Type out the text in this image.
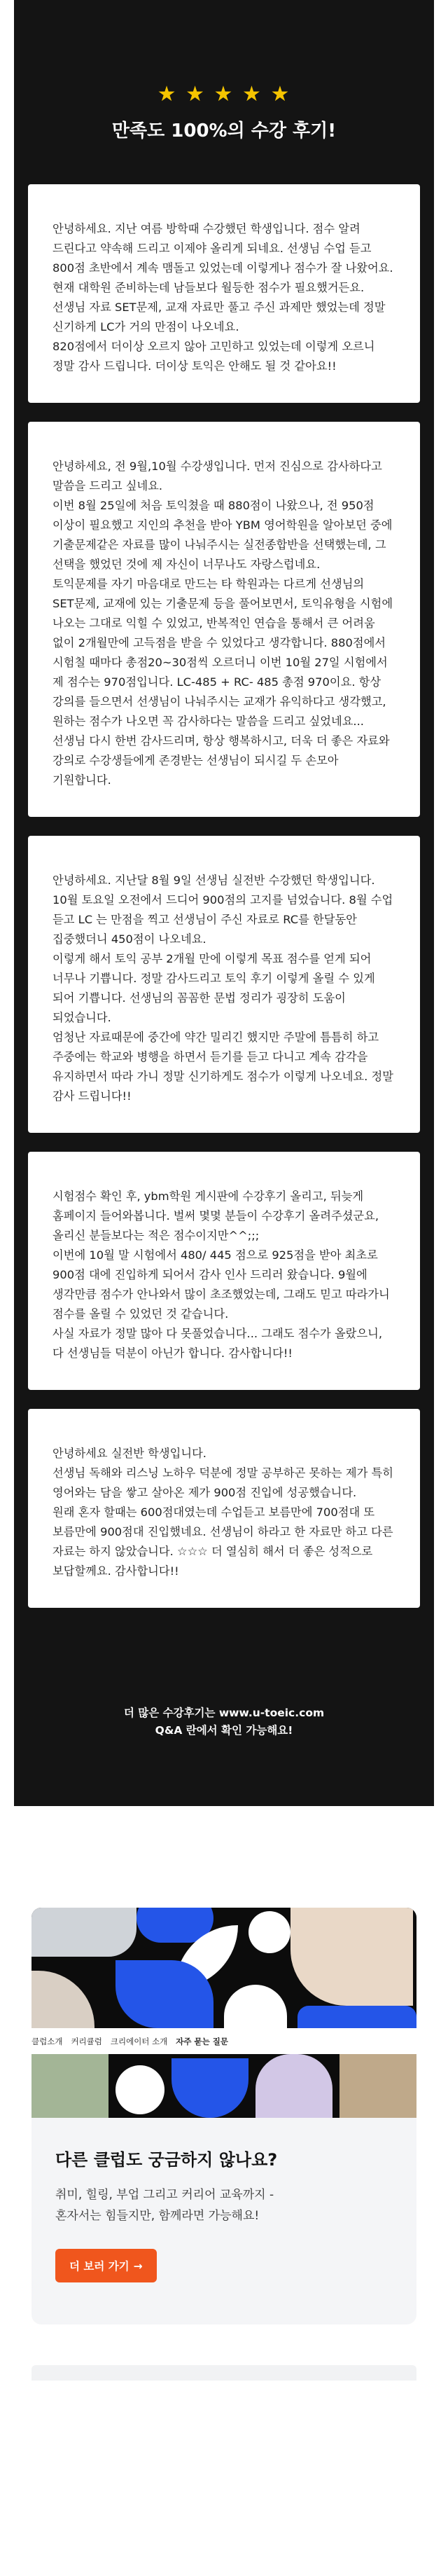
★ ★ ★ ★ ★
만족도 100%의 수강 후기!

안녕하세요. 지난 여름 방학때 수강했던 학생입니다. 점수 알려 드린다고 약속해 드리고 이제야 올리게 되네요. 선생님 수업 듣고 800점 초반에서 계속 맴돌고 있었는데 이렇게나 점수가 잘 나왔어요.

현재 대학원 준비하는데 남들보다 월등한 점수가 필요했거든요. 선생님 자료 SET문제, 교재 자료만 풀고 주신 과제만 했었는데 정말 신기하게 LC가 거의 만점이 나오네요.

820점에서 더이상 오르지 않아 고민하고 있었는데 이렇게 오르니 정말 감사 드립니다. 더이상 토익은 안해도 될 것 같아요!!

안녕하세요, 전 9월,10월 수강생입니다. 먼저 진심으로 감사하다고 말씀을 드리고 싶네요.

이번 8월 25일에 처음 토익쳤을 때 880점이 나왔으나, 전 950점 이상이 필요했고 지인의 추천을 받아 YBM 영어학원을 알아보던 중에 기출문제같은 자료를 많이 나눠주시는 실전종합반을 선택했는데, 그 선택을 했었던 것에 제 자신이 너무나도 자랑스럽네요.

토익문제를 자기 마음대로 만드는 타 학원과는 다르게 선생님의 SET문제, 교재에 있는 기출문제 등을 풀어보면서, 토익유형을 시험에 나오는 그대로 익힐 수 있었고, 반복적인 연습을 통해서 큰 어려움 없이 2개월만에 고득점을 받을 수 있었다고 생각합니다. 880점에서 시험칠 때마다 총점20~30점씩 오르더니 이번 10월 27일 시험에서 제 점수는 970점입니다. LC-485 + RC- 485 총점 970이요. 항상 강의를 들으면서 선생님이 나눠주시는 교재가 유익하다고 생각했고, 원하는 점수가 나오면 꼭 감사하다는 말씀을 드리고 싶었네요...

선생님 다시 한번 감사드리며, 항상 행복하시고, 더욱 더 좋은 자료와 강의로 수강생들에게 존경받는 선생님이 되시길 두 손모아 기원합니다.

안녕하세요. 지난달 8월 9일 선생님 실전반 수강했던 학생입니다. 10월 토요일 오전에서 드디어 900점의 고지를 넘었습니다. 8월 수업 듣고 LC 는 만점을 찍고 선생님이 주신 자료로 RC를 한달동안 집중했더니 450점이 나오네요.

이렇게 해서 토익 공부 2개월 만에 이렇게 목표 점수를 얻게 되어 너무나 기쁩니다. 정말 감사드리고 토익 후기 이렇게 올릴 수 있게 되어 기쁩니다. 선생님의 꼼꼼한 문법 정리가 굉장히 도움이 되었습니다.

엄청난 자료때문에 중간에 약간 밀리긴 했지만 주말에 틈틈히 하고 주중에는 학교와 병행을 하면서 듣기를 듣고 다니고 계속 감각을 유지하면서 따라 가니 정말 신기하게도 점수가 이렇게 나오네요. 정말 감사 드립니다!!

시험점수 확인 후, ybm학원 게시판에 수강후기 올리고, 뒤늦게 홈페이지 들어와봅니다. 벌써 몇몇 분들이 수강후기 올려주셨군요, 올리신 분들보다는 적은 점수이지만^^;;;

이번에 10월 말 시험에서 480/ 445 점으로 925점을 받아 최초로 900점 대에 진입하게 되어서 감사 인사 드리러 왔습니다. 9월에 생각만큼 점수가 안나와서 많이 초조했었는데, 그래도 믿고 따라가니 점수를 올릴 수 있었던 것 같습니다.

사실 자료가 정말 많아 다 못풀었습니다... 그래도 점수가 올랐으니, 다 선생님들 덕분이 아닌가 합니다. 감사합니다!!

안녕하세요 실전반 학생입니다.

선생님 독해와 리스닝 노하우 덕분에 정말 공부하곤 못하는 제가 특히 영어와는 담을 쌓고 살아온 제가 900점 진입에 성공했습니다.

원래 혼자 할때는 600점대였는데 수업듣고 보름만에 700점대 또 보름만에 900점대 진입했네요. 선생님이 하라고 한 자료만 하고 다른 자료는 하지 않았습니다. ☆☆☆ 더 열심히 해서 더 좋은 성적으로 보답할께요. 감사합니다!!

더 많은 수강후기는 www.u-toeic.com
Q&A 란에서 확인 가능해요!
클럽소개	커리큘럼	크리에이터 소개	자주 묻는 질문
다른 클럽도 궁금하지 않나요?
취미, 힐링, 부업 그리고 커리어 교육까지 -
혼자서는 힘들지만, 함께라면 가능해요!
더 보러 가기 →
